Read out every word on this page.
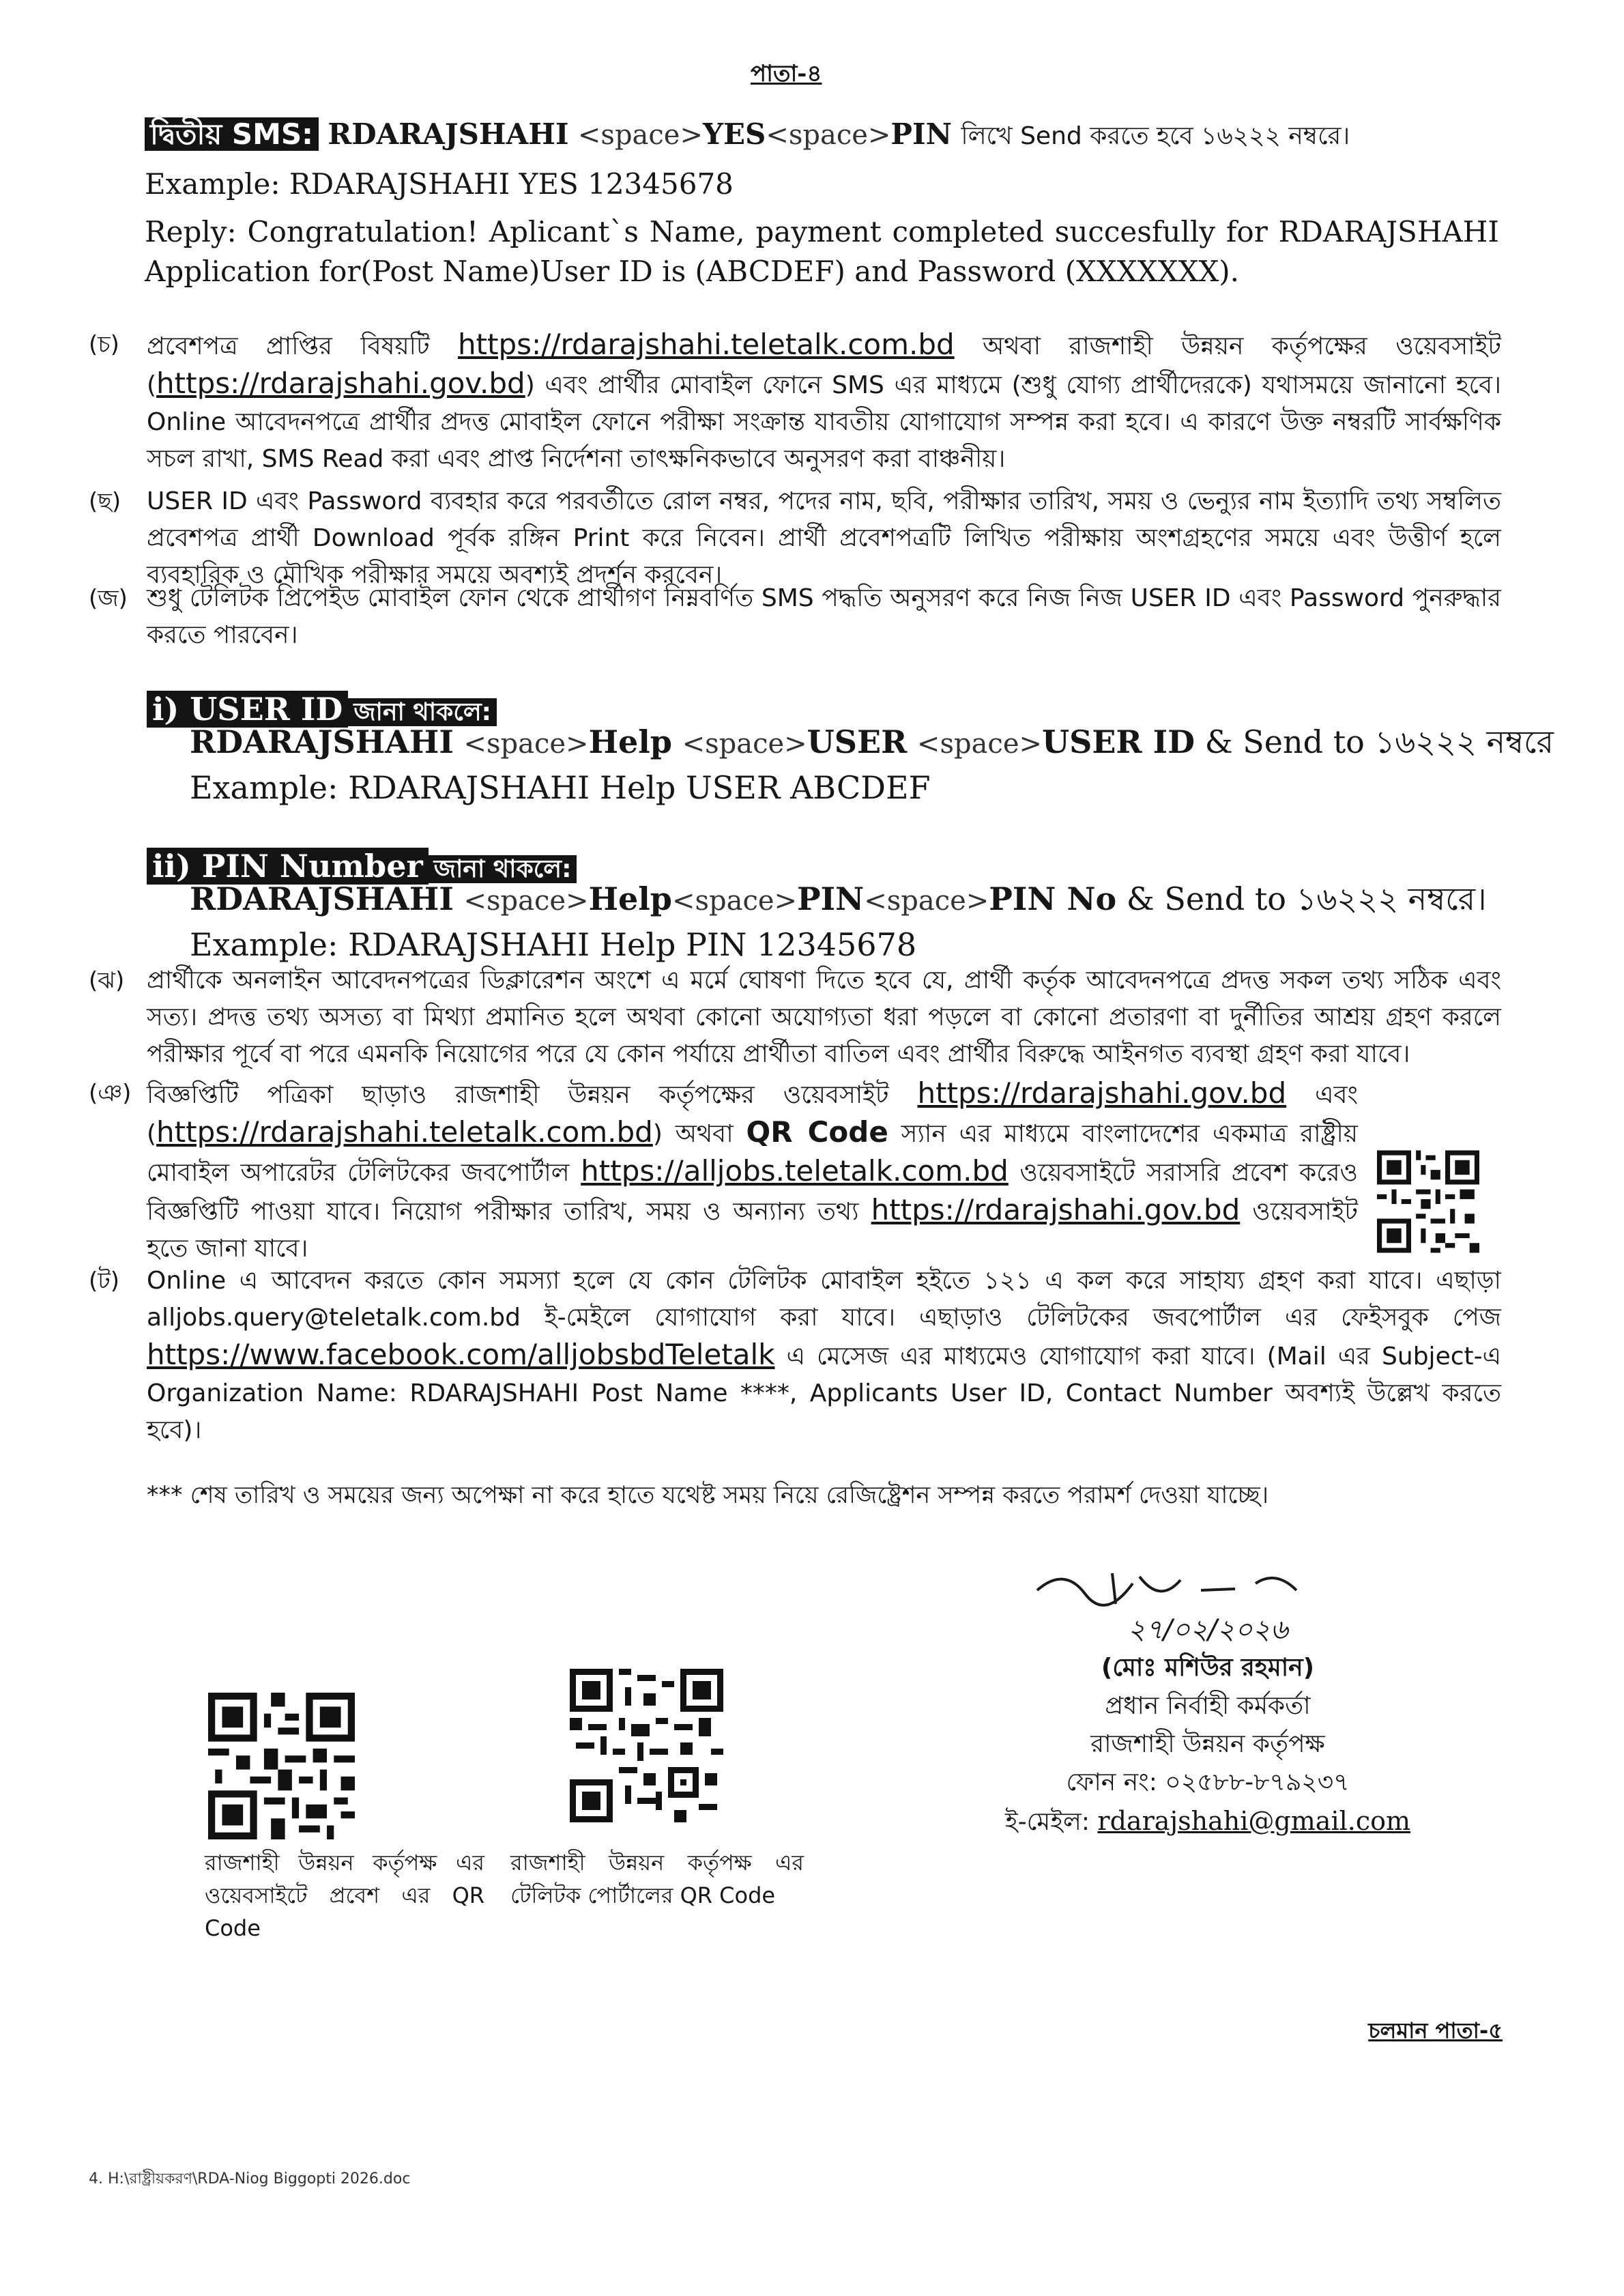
পাতা-৪
দ্বিতীয় SMS: RDARAJSHAHI <space>YES<space>PIN লিখে Send করতে হবে ১৬২২২ নম্বরে।
Example: RDARAJSHAHI YES 12345678
Reply: Congratulation! Aplicant`s Name, payment completed succesfully for RDARAJSHAHI Application for(Post Name)User ID is (ABCDEF) and Password (XXXXXXX).
(চ) প্রবেশপত্র প্রাপ্তির বিষয়টি https://rdarajshahi.teletalk.com.bd অথবা রাজশাহী উন্নয়ন কর্তৃপক্ষের ওয়েবসাইট (https://rdarajshahi.gov.bd) এবং প্রার্থীর মোবাইল ফোনে SMS এর মাধ্যমে (শুধু যোগ্য প্রার্থীদেরকে) যথাসময়ে জানানো হবে। Online আবেদনপত্রে প্রার্থীর প্রদত্ত মোবাইল ফোনে পরীক্ষা সংক্রান্ত যাবতীয় যোগাযোগ সম্পন্ন করা হবে। এ কারণে উক্ত নম্বরটি সার্বক্ষণিক সচল রাখা, SMS Read করা এবং প্রাপ্ত নির্দেশনা তাৎক্ষনিকভাবে অনুসরণ করা বাঞ্চনীয়।
(ছ) USER ID এবং Password ব্যবহার করে পরবর্তীতে রোল নম্বর, পদের নাম, ছবি, পরীক্ষার তারিখ, সময় ও ভেন্যুর নাম ইত্যাদি তথ্য সম্বলিত প্রবেশপত্র প্রার্থী Download পূর্বক রঙ্গিন Print করে নিবেন। প্রার্থী প্রবেশপত্রটি লিখিত পরীক্ষায় অংশগ্রহণের সময়ে এবং উত্তীর্ণ হলে ব্যবহারিক ও মৌখিক পরীক্ষার সময়ে অবশ্যই প্রদর্শন করবেন।
(জ) শুধু টেলিটক প্রিপেইড মোবাইল ফোন থেকে প্রার্থীগণ নিম্নবর্ণিত SMS পদ্ধতি অনুসরণ করে নিজ নিজ USER ID এবং Password পুনরুদ্ধার করতে পারবেন।
i) USER ID জানা থাকলে:
RDARAJSHAHI <space>Help <space>USER <space>USER ID & Send to ১৬২২২ নম্বরে
Example: RDARAJSHAHI Help USER ABCDEF
ii) PIN Number জানা থাকলে:
RDARAJSHAHI <space>Help<space>PIN<space>PIN No & Send to ১৬২২২ নম্বরে।
Example: RDARAJSHAHI Help PIN 12345678
(ঝ) প্রার্থীকে অনলাইন আবেদনপত্রের ডিক্লারেশন অংশে এ মর্মে ঘোষণা দিতে হবে যে, প্রার্থী কর্তৃক আবেদনপত্রে প্রদত্ত সকল তথ্য সঠিক এবং সত্য। প্রদত্ত তথ্য অসত্য বা মিথ্যা প্রমানিত হলে অথবা কোনো অযোগ্যতা ধরা পড়লে বা কোনো প্রতারণা বা দুর্নীতির আশ্রয় গ্রহণ করলে পরীক্ষার পূর্বে বা পরে এমনকি নিয়োগের পরে যে কোন পর্যায়ে প্রার্থীতা বাতিল এবং প্রার্থীর বিরুদ্ধে আইনগত ব্যবস্থা গ্রহণ করা যাবে।
(ঞ) বিজ্ঞপ্তিটি পত্রিকা ছাড়াও রাজশাহী উন্নয়ন কর্তৃপক্ষের ওয়েবসাইট https://rdarajshahi.gov.bd এবং (https://rdarajshahi.teletalk.com.bd) অথবা QR Code স্যান এর মাধ্যমে বাংলাদেশের একমাত্র রাষ্ট্রীয় মোবাইল অপারেটর টেলিটকের জবপোর্টাল https://alljobs.teletalk.com.bd ওয়েবসাইটে সরাসরি প্রবেশ করেও বিজ্ঞপ্তিটি পাওয়া যাবে। নিয়োগ পরীক্ষার তারিখ, সময় ও অন্যান্য তথ্য https://rdarajshahi.gov.bd ওয়েবসাইট হতে জানা যাবে।
(ট) Online এ আবেদন করতে কোন সমস্যা হলে যে কোন টেলিটক মোবাইল হইতে ১২১ এ কল করে সাহায্য গ্রহণ করা যাবে। এছাড়া alljobs.query@teletalk.com.bd ই-মেইলে যোগাযোগ করা যাবে। এছাড়াও টেলিটকের জবপোর্টাল এর ফেইসবুক পেজ https://www.facebook.com/alljobsbdTeletalk এ মেসেজ এর মাধ্যমেও যোগাযোগ করা যাবে। (Mail এর Subject-এ Organization Name: RDARAJSHAHI Post Name ****, Applicants User ID, Contact Number অবশ্যই উল্লেখ করতে হবে)।
*** শেষ তারিখ ও সময়ের জন্য অপেক্ষা না করে হাতে যথেষ্ট সময় নিয়ে রেজিষ্ট্রেশন সম্পন্ন করতে পরামর্শ দেওয়া যাচ্ছে।
রাজশাহী উন্নয়ন কর্তৃপক্ষ এর ওয়েবসাইটে প্রবেশ এর QR Code
রাজশাহী উন্নয়ন কর্তৃপক্ষ এর টেলিটক পোর্টালের QR Code
২৭/০২/২০২৬
(মোঃ মশিউর রহমান)
প্রধান নির্বাহী কর্মকর্তা
রাজশাহী উন্নয়ন কর্তৃপক্ষ
ফোন নং: ০২৫৮৮-৮৭৯২৩৭
ই-মেইল: rdarajshahi@gmail.com
চলমান পাতা-৫
4. H:\রাষ্ট্রীয়করণ\RDA-Niog Biggopti 2026.doc
